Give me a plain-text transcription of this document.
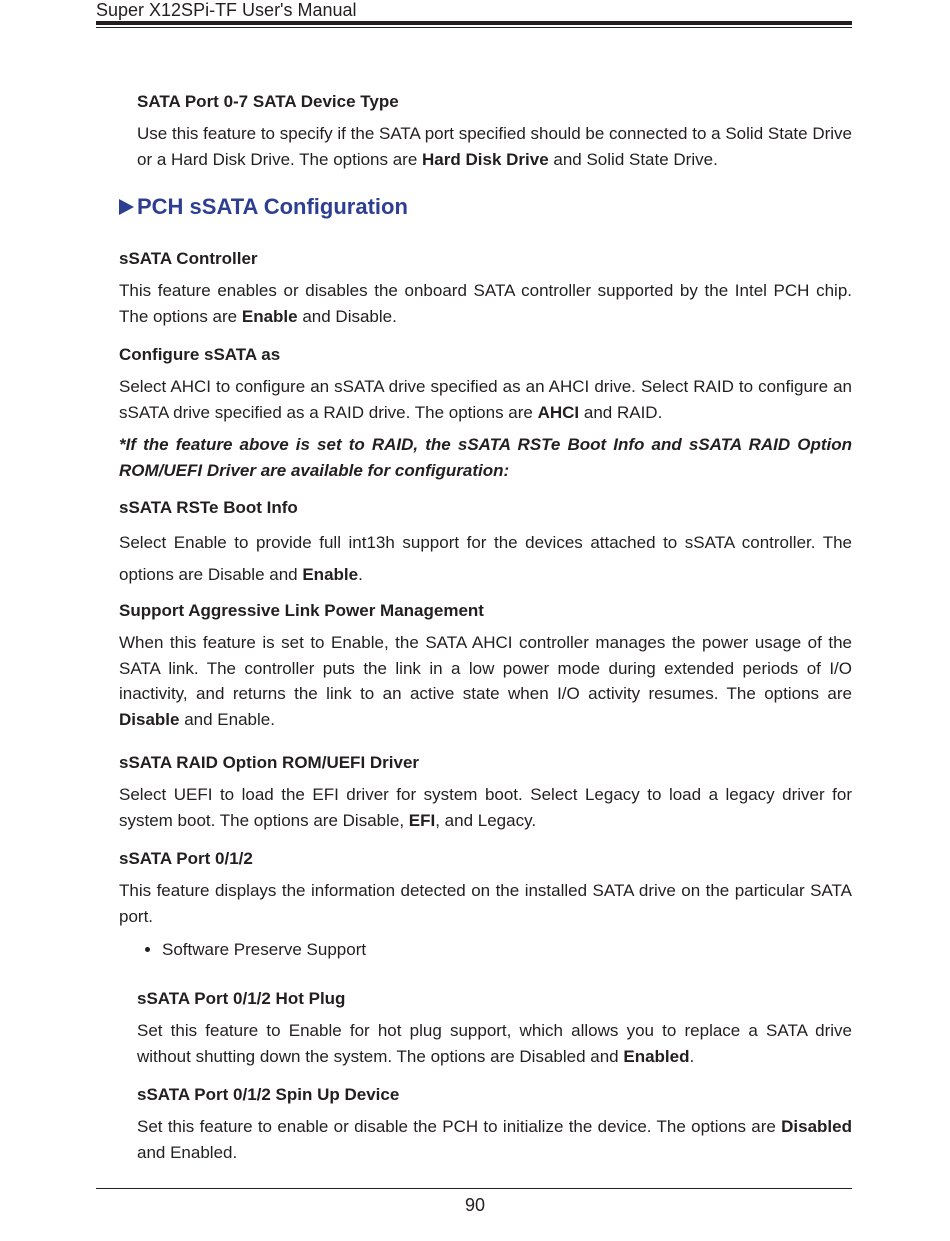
Super X12SPi-TF User's Manual
SATA Port 0-7 SATA Device Type
Use this feature to specify if the SATA port specified should be connected to a Solid State Drive or a Hard Disk Drive. The options are Hard Disk Drive and Solid State Drive.
PCH sSATA Configuration
sSATA Controller
This feature enables or disables the onboard SATA controller supported by the Intel PCH chip. The options are Enable and Disable.
Configure sSATA as
Select AHCI to configure an sSATA drive specified as an AHCI drive. Select RAID to configure an sSATA drive specified as a RAID drive. The options are AHCI and RAID.
*If the feature above is set to RAID, the sSATA RSTe Boot Info and sSATA RAID Option ROM/UEFI Driver are available for configuration:
sSATA RSTe Boot Info
Select Enable to provide full int13h support for the devices attached to sSATA controller. The options are Disable and Enable.
Support Aggressive Link Power Management
When this feature is set to Enable, the SATA AHCI controller manages the power usage of the SATA link. The controller puts the link in a low power mode during extended periods of I/O inactivity, and returns the link to an active state when I/O activity resumes. The options are Disable and Enable.
sSATA RAID Option ROM/UEFI Driver
Select UEFI to load the EFI driver for system boot. Select Legacy to load a legacy driver for system boot. The options are Disable, EFI, and Legacy.
sSATA Port 0/1/2
This feature displays the information detected on the installed SATA drive on the particular SATA port.
Software Preserve Support
sSATA Port 0/1/2 Hot Plug
Set this feature to Enable for hot plug support, which allows you to replace a SATA drive without shutting down the system. The options are Disabled and Enabled.
sSATA Port 0/1/2 Spin Up Device
Set this feature to enable or disable the PCH to initialize the device. The options are Disabled and Enabled.
90
